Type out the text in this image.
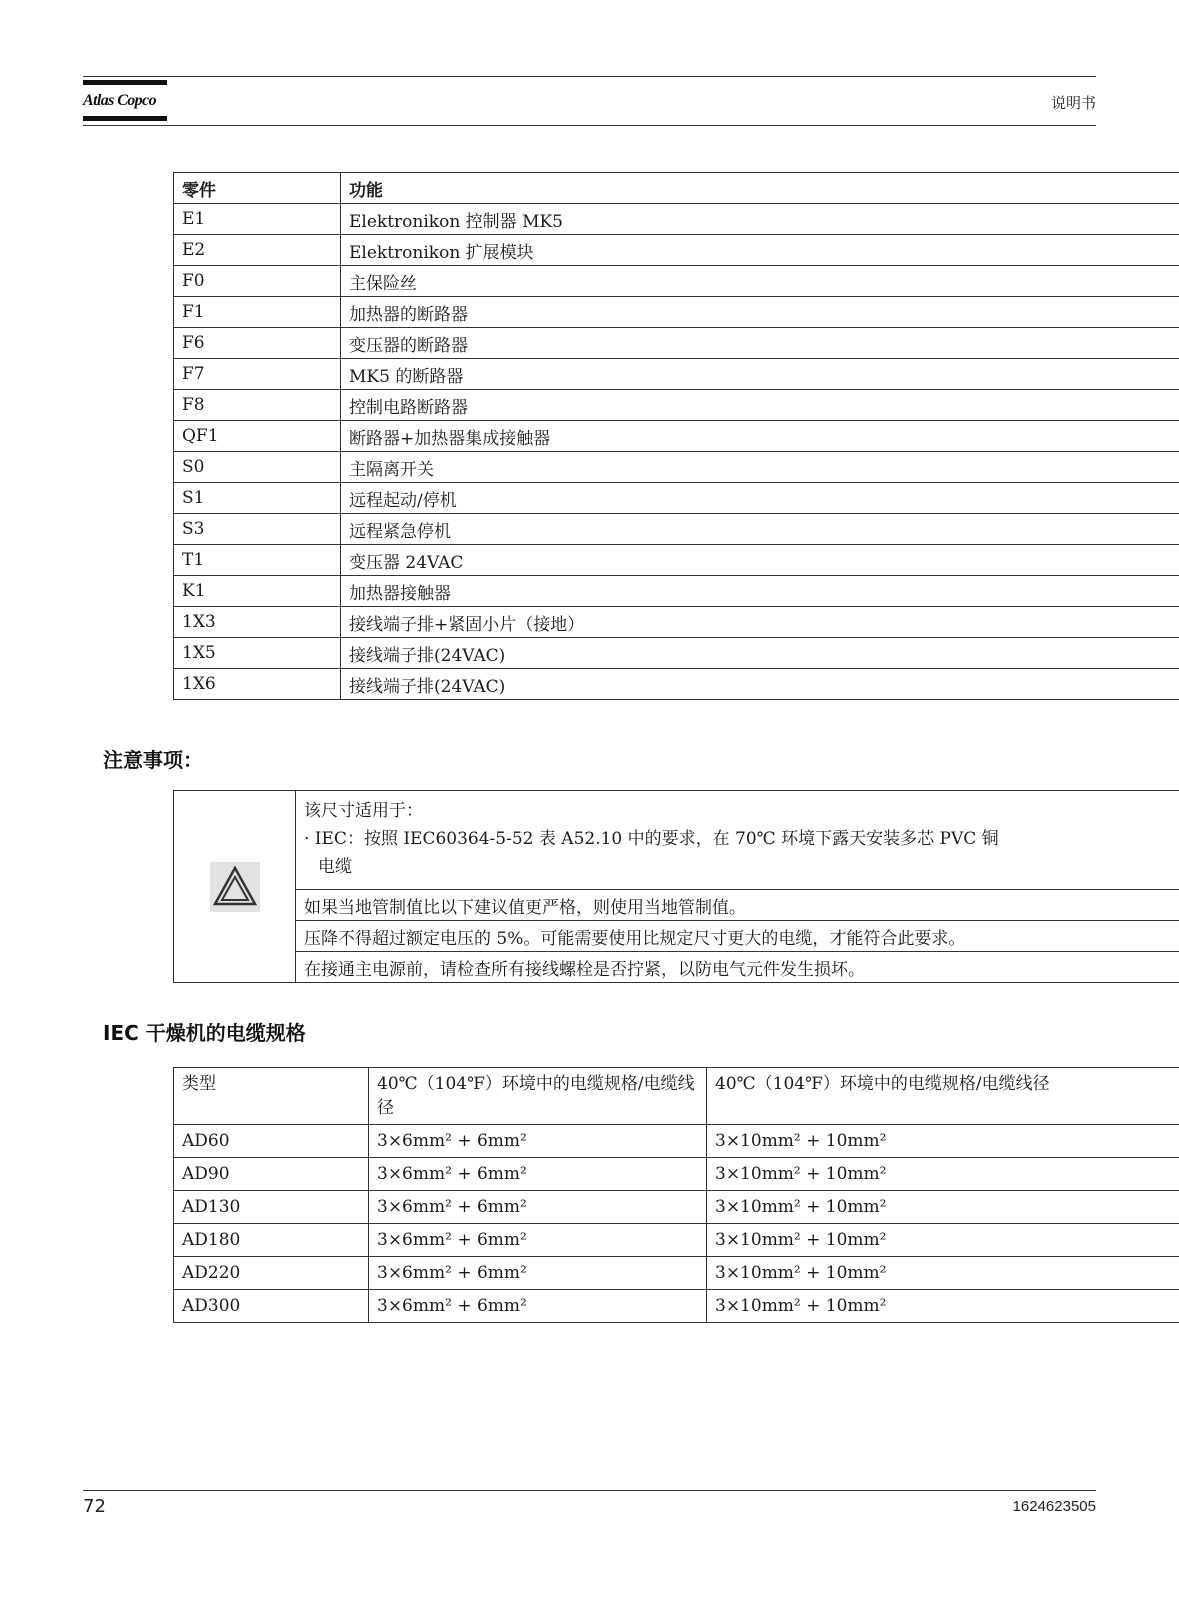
Atlas Copco	说明书
零件	功能
E1	Elektronikon 控制器 MK5
E2	Elektronikon 扩展模块
F0	主保险丝
F1	加热器的断路器
F6	变压器的断路器
F7	MK5 的断路器
F8	控制电路断路器
QF1	断路器+加热器集成接触器
S0	主隔离开关
S1	远程起动/停机
S3	远程紧急停机
T1	变压器 24VAC
K1	加热器接触器
1X3	接线端子排+紧固小片（接地）
1X5	接线端子排(24VAC)
1X6	接线端子排(24VAC)
注意事项：

该尺寸适用于：
· IEC：按照 IEC60364-5-52 表 A52.10 中的要求，在 70℃ 环境下露天安装多芯 PVC 铜
电缆

如果当地管制值比以下建议值更严格，则使用当地管制值。
压降不得超过额定电压的 5%。可能需要使用比规定尺寸更大的电缆，才能符合此要求。
在接通主电源前，请检查所有接线螺栓是否拧紧，以防电气元件发生损坏。
IEC 干燥机的电缆规格
类型	40℃（104℉）环境中的电缆规格/电缆线径	40℃（104℉）环境中的电缆规格/电缆线径
AD60	3×6mm² + 6mm²	3×10mm² + 10mm²
AD90	3×6mm² + 6mm²	3×10mm² + 10mm²
AD130	3×6mm² + 6mm²	3×10mm² + 10mm²
AD180	3×6mm² + 6mm²	3×10mm² + 10mm²
AD220	3×6mm² + 6mm²	3×10mm² + 10mm²
AD300	3×6mm² + 6mm²	3×10mm² + 10mm²
72	1624623505
